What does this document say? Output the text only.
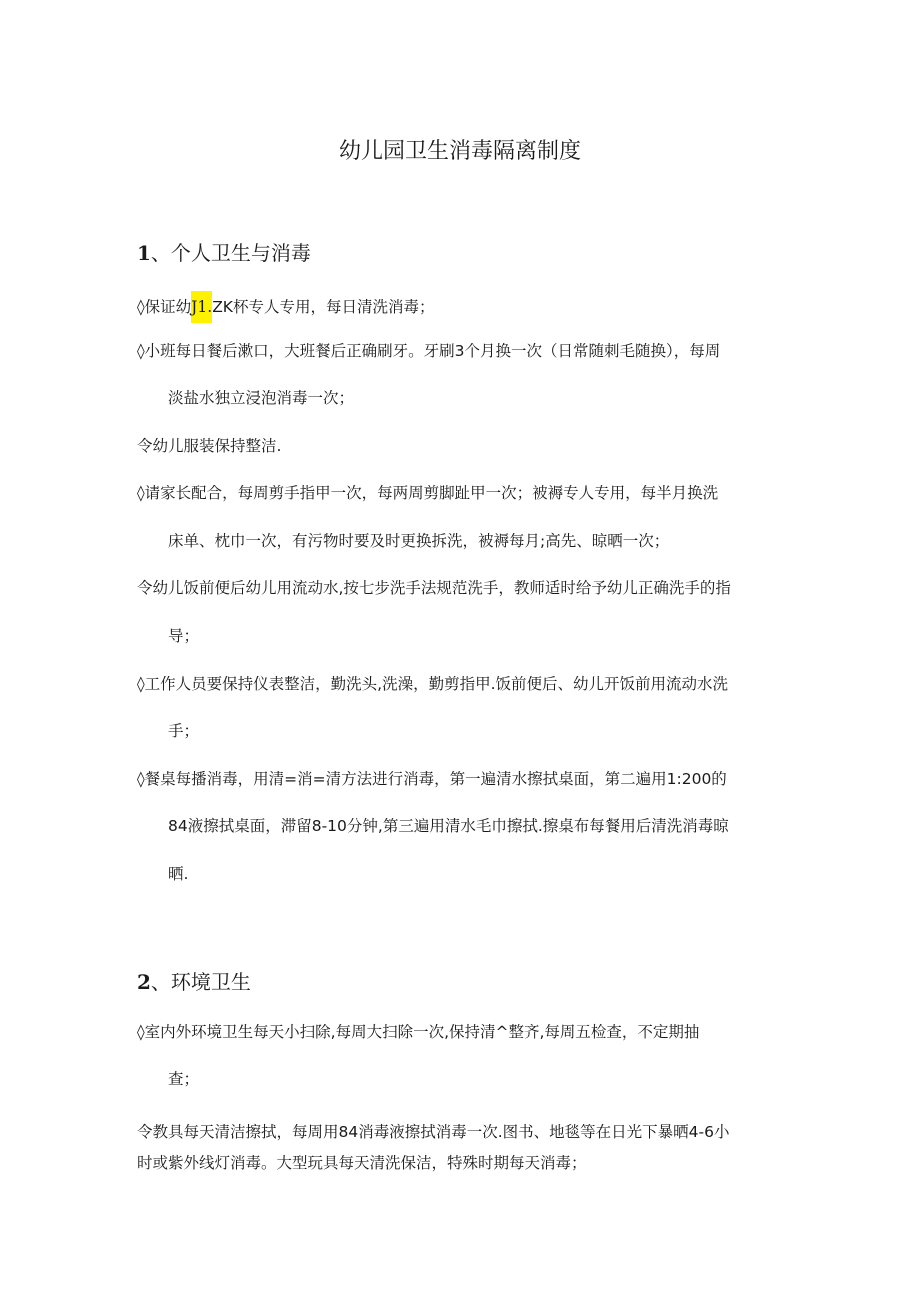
幼儿园卫生消毒隔离制度
1、个人卫生与消毒
◊保证幼J1.ZK杯专人专用，每日清洗消毒；
◊小班每日餐后漱口，大班餐后正确刷牙。牙刷3个月换一次（日常随刺毛随换），每周
淡盐水独立浸泡消毒一次；
令幼儿服装保持整洁.
◊请家长配合，每周剪手指甲一次，每两周剪脚趾甲一次；被褥专人专用，每半月换洗
床单、枕巾一次，有污物时要及时更换拆洗，被褥每月;高先、晾晒一次；
令幼儿饭前便后幼儿用流动水,按七步洗手法规范洗手，教师适时给予幼儿正确洗手的指
导；
◊工作人员要保持仪表整洁，勤洗头,洗澡，勤剪指甲.饭前便后、幼儿开饭前用流动水洗
手；
◊餐桌每播消毒，用清=消=清方法进行消毒，第一遍清水擦拭桌面，第二遍用1:200的
84液擦拭桌面，滞留8-10分钟,第三遍用清水毛巾擦拭.擦桌布每餐用后清洗消毒晾
晒.
2、环境卫生
◊室内外环境卫生每天小扫除,每周大扫除一次,保持清^整齐,每周五检查，不定期抽
查；
令教具每天清洁擦拭，每周用84消毒液擦拭消毒一次.图书、地毯等在日光下暴晒4-6小
时或紫外线灯消毒。大型玩具每天清洗保洁，特殊时期每天消毒；
